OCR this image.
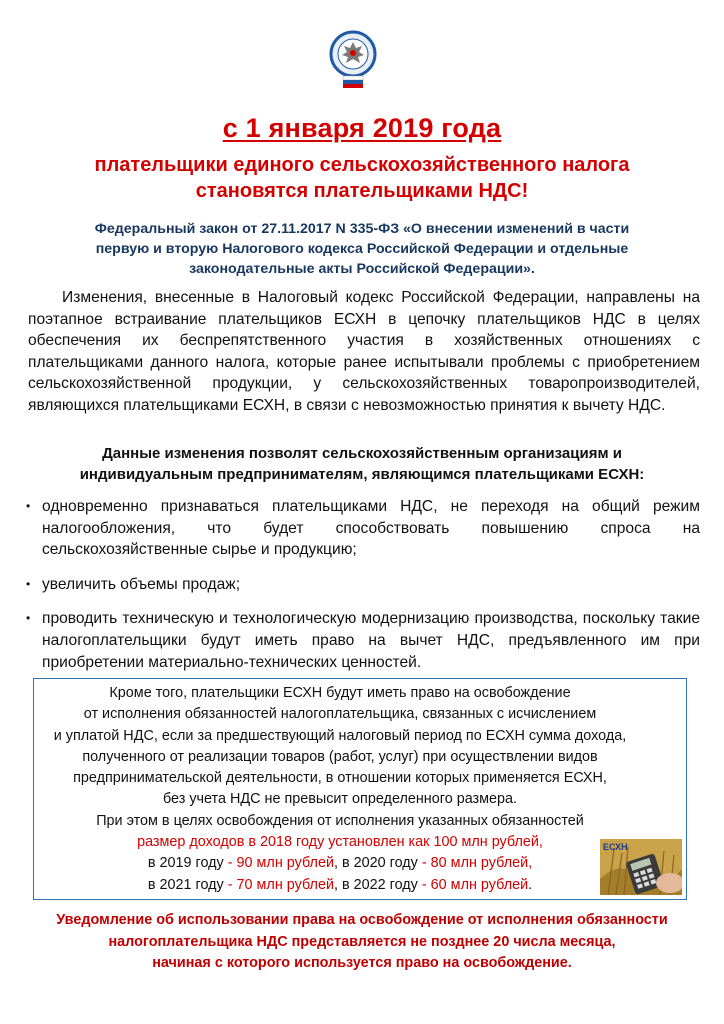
с 1 января 2019 года
плательщики единого сельскохозяйственного налога
становятся плательщиками НДС!
Федеральный закон от 27.11.2017 N 335-ФЗ «О внесении изменений в части
первую и вторую Налогового кодекса Российской Федерации и отдельные
законодательные акты Российской Федерации».

Изменения, внесенные в Налоговый кодекс Российской Федерации, направлены на поэтапное встраивание плательщиков ЕСХН в цепочку плательщиков НДС в целях обеспечения их беспрепятственного участия в хозяйственных отношениях с плательщиками данного налога, которые ранее испытывали проблемы с приобретением сельскохозяйственной продукции, у сельскохозяйственных товаропроизводителей, являющихся плательщиками ЕСХН, в связи с невозможностью принятия к вычету НДС.

Данные изменения позволят сельскохозяйственным организациям и
индивидуальным предпринимателям, являющимся плательщиками ЕСХН:
• одновременно признаваться плательщиками НДС, не переходя на общий режим налогообложения, что будет способствовать повышению спроса на сельскохозяйственные сырье и продукцию;
• увеличить объемы продаж;
• проводить техническую и технологическую модернизацию производства, поскольку такие налогоплательщики будут иметь право на вычет НДС, предъявленного им при приобретении материально-технических ценностей.
Кроме того, плательщики ЕСХН будут иметь право на освобождение
от исполнения обязанностей налогоплательщика, связанных с исчислением
и уплатой НДС, если за предшествующий налоговый период по ЕСХН сумма дохода,
полученного от реализации товаров (работ, услуг) при осуществлении видов
предпринимательской деятельности, в отношении которых применяется ЕСХН,
без учета НДС не превысит определенного размера.
При этом в целях освобождения от исполнения указанных обязанностей
размер доходов в 2018 году установлен как 100 млн рублей,
в 2019 году - 90 млн рублей, в 2020 году - 80 млн рублей,
в 2021 году - 70 млн рублей, в 2022 году - 60 млн рублей.
ЕСХН
Уведомление об использовании права на освобождение от исполнения обязанности
налогоплательщика НДС представляется не позднее 20 числа месяца,
начиная с которого используется право на освобождение.
